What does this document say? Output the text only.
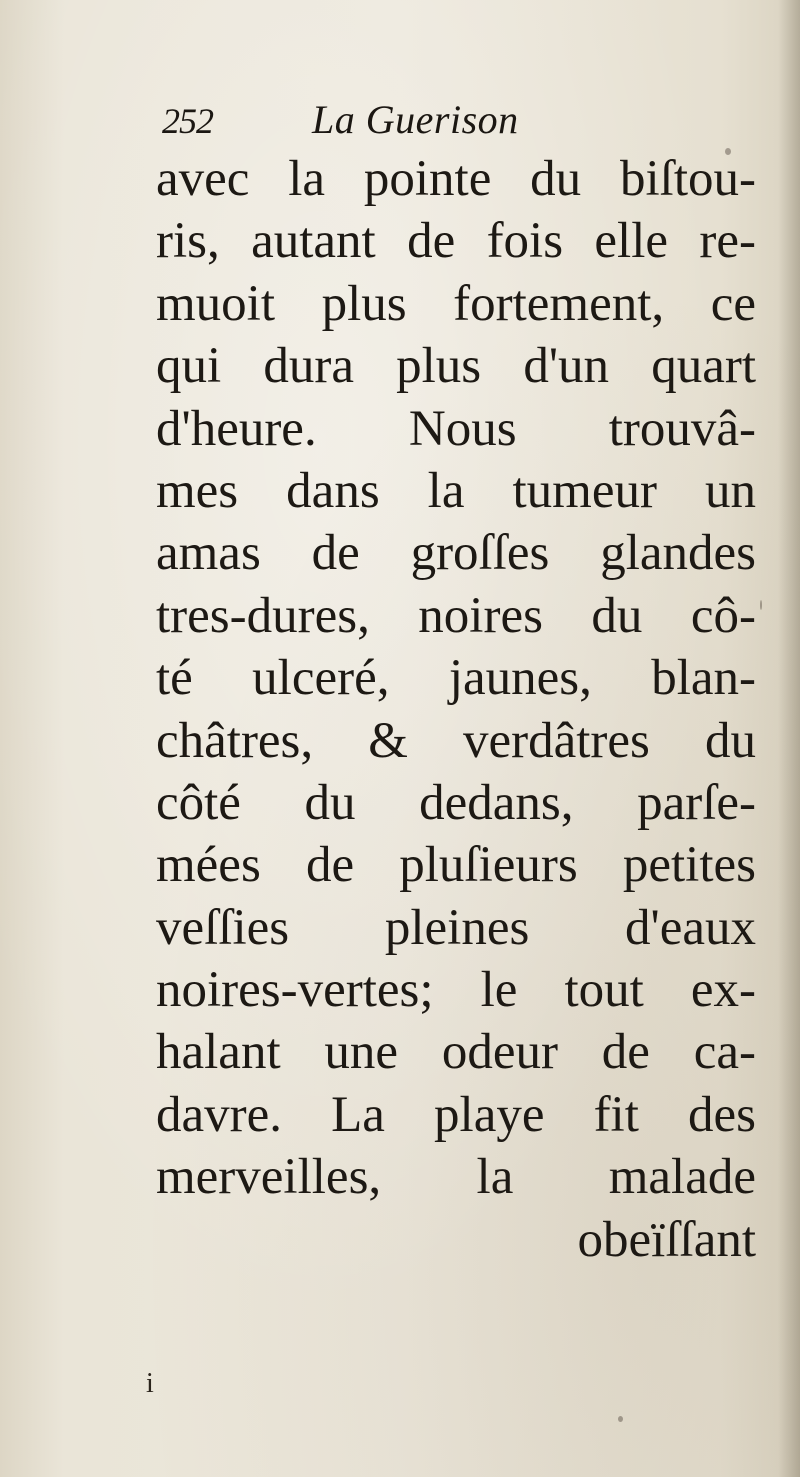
252 La Guerison
avec la pointe du biſtou-
ris, autant de fois elle re-
muoit plus fortement, ce
qui dura plus d'un quart
d'heure. Nous trouvâ-
mes dans la tumeur un
amas de groſſes glandes
tres-dures, noires du cô-
té ulceré, jaunes, blan-
châtres, & verdâtres du
côté du dedans, parſe-
mées de pluſieurs petites
veſſies pleines d'eaux
noires-vertes; le tout ex-
halant une odeur de ca-
davre. La playe fit des
merveilles, la malade
obeïſſant
i
